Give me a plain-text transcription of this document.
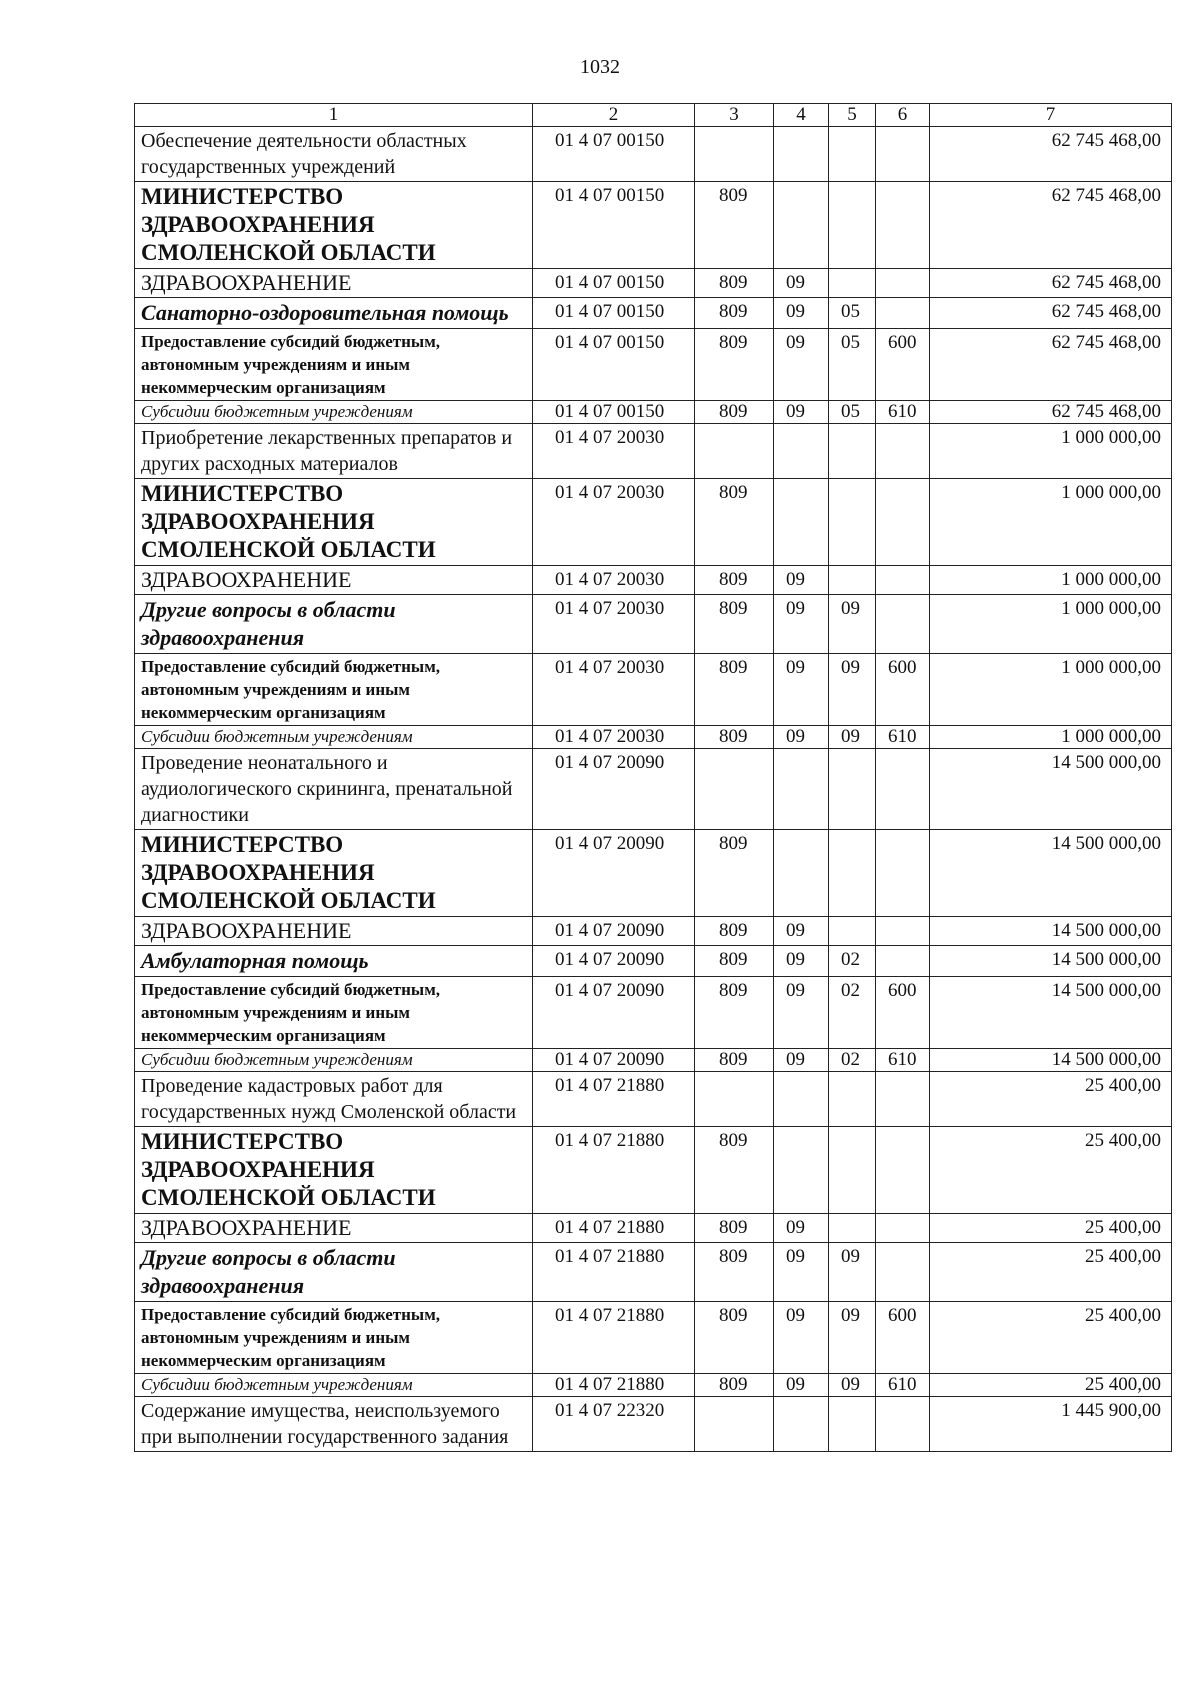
1032
1	2	3	4	5	6	7
Обеспечение деятельности областных государственных учреждений	01 4 07 00150					62 745 468,00
МИНИСТЕРСТВО ЗДРАВООХРАНЕНИЯ СМОЛЕНСКОЙ ОБЛАСТИ	01 4 07 00150	809				62 745 468,00
ЗДРАВООХРАНЕНИЕ	01 4 07 00150	809	09			62 745 468,00
Санаторно-оздоровительная помощь	01 4 07 00150	809	09	05		62 745 468,00
Предоставление субсидий бюджетным, автономным учреждениям и иным некоммерческим организациям	01 4 07 00150	809	09	05	600	62 745 468,00
Субсидии бюджетным учреждениям	01 4 07 00150	809	09	05	610	62 745 468,00
Приобретение лекарственных препаратов и других расходных материалов	01 4 07 20030					1 000 000,00
МИНИСТЕРСТВО ЗДРАВООХРАНЕНИЯ СМОЛЕНСКОЙ ОБЛАСТИ	01 4 07 20030	809				1 000 000,00
ЗДРАВООХРАНЕНИЕ	01 4 07 20030	809	09			1 000 000,00
Другие вопросы в области здравоохранения	01 4 07 20030	809	09	09		1 000 000,00
Предоставление субсидий бюджетным, автономным учреждениям и иным некоммерческим организациям	01 4 07 20030	809	09	09	600	1 000 000,00
Субсидии бюджетным учреждениям	01 4 07 20030	809	09	09	610	1 000 000,00
Проведение неонатального и аудиологического скрининга, пренатальной диагностики	01 4 07 20090					14 500 000,00
МИНИСТЕРСТВО ЗДРАВООХРАНЕНИЯ СМОЛЕНСКОЙ ОБЛАСТИ	01 4 07 20090	809				14 500 000,00
ЗДРАВООХРАНЕНИЕ	01 4 07 20090	809	09			14 500 000,00
Амбулаторная помощь	01 4 07 20090	809	09	02		14 500 000,00
Предоставление субсидий бюджетным, автономным учреждениям и иным некоммерческим организациям	01 4 07 20090	809	09	02	600	14 500 000,00
Субсидии бюджетным учреждениям	01 4 07 20090	809	09	02	610	14 500 000,00
Проведение кадастровых работ для государственных нужд Смоленской области	01 4 07 21880					25 400,00
МИНИСТЕРСТВО ЗДРАВООХРАНЕНИЯ СМОЛЕНСКОЙ ОБЛАСТИ	01 4 07 21880	809				25 400,00
ЗДРАВООХРАНЕНИЕ	01 4 07 21880	809	09			25 400,00
Другие вопросы в области здравоохранения	01 4 07 21880	809	09	09		25 400,00
Предоставление субсидий бюджетным, автономным учреждениям и иным некоммерческим организациям	01 4 07 21880	809	09	09	600	25 400,00
Субсидии бюджетным учреждениям	01 4 07 21880	809	09	09	610	25 400,00
Содержание имущества, неиспользуемого при выполнении государственного задания	01 4 07 22320					1 445 900,00
